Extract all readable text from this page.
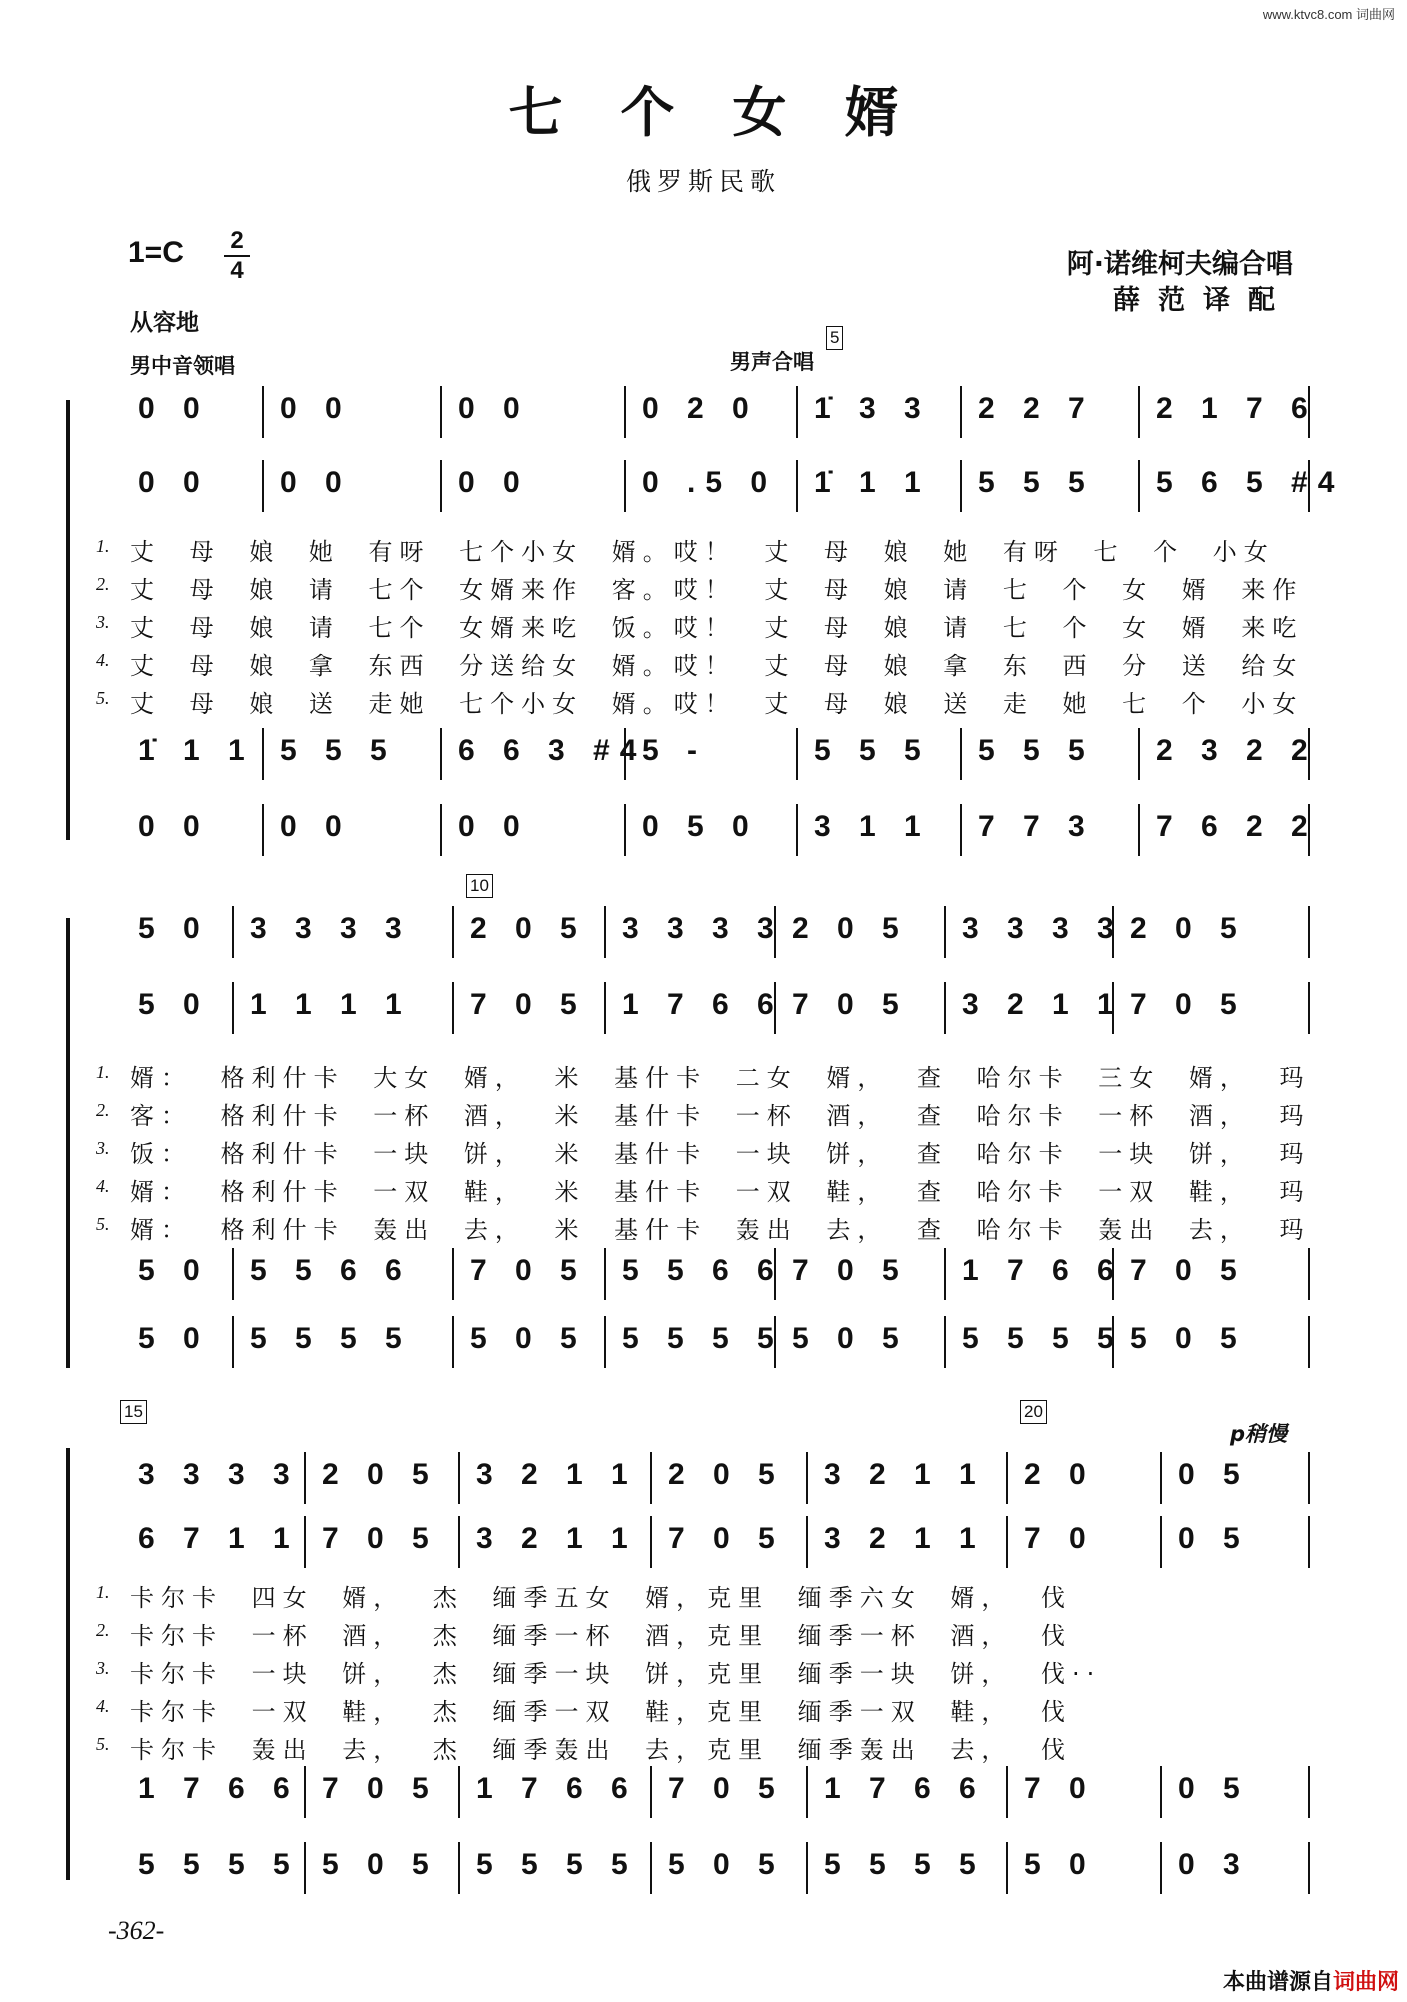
www.ktvc8.com 词曲网
七个女婿
俄罗斯民歌
1=C	2
4	阿·诺维柯夫编合唱
薛范译配
从容地
男中音领唱	男声合唱
5
10
15	20
p稍慢
0 0 0 0	0 0	0 2 0 1̇ 3 3 2 2 7 2 1 7 6
0 0 0 0	0 0	0 .5 0 1̇ 1 1 5 5 5 5 6 5 #4
1̇ 1 1 5 5 5 6 6 3 #4
5 -	5 5 5 5 5 5 2 3 2 2
0 0 0 0	0 0	0 5 0 3 1 1 7 7 3 7 6 2 2
1. 丈 母 娘 她 有呀 七个小女 婿。哎！ 丈 母 娘 她 有呀 七 个 小女
2. 丈 母 娘 请 七个 女婿来作 客。哎！ 丈 母 娘 请 七 个 女 婿 来作
3. 丈 母 娘 请 七个 女婿来吃 饭。哎！ 丈 母 娘 请 七 个 女 婿 来吃
4. 丈 母 娘 拿 东西 分送给女 婿。哎！ 丈 母 娘 拿 东 西 分 送 给女
5. 丈 母 娘 送 走她 七个小女 婿。哎！ 丈 母 娘 送 走 她 七 个 小女
5 0 3 3 3 3 2 0 5 3 3 3 3 2 0 5 3 3 3 3 2 0 5
5 0 1 1 1 1 7 0 5 1 7 6 6 7 0 5 3 2 1 1 7 0 5
5 0 5 5 6 6 7 0 5 5 5 6 6 7 0 5 1 7 6 6 7 0 5
5 0 5 5 5 5 5 0 5 5 5 5 5 5 0 5 5 5 5 5 5 0 5
1. 婿： 格利什卡 大女 婿， 米 基什卡 二女 婿， 查 哈尔卡 三女 婿， 玛
2. 客： 格利什卡 一杯 酒， 米 基什卡 一杯 酒， 查 哈尔卡 一杯 酒， 玛
3. 饭： 格利什卡 一块 饼， 米 基什卡 一块 饼， 查 哈尔卡 一块 饼， 玛
4. 婿： 格利什卡 一双 鞋， 米 基什卡 一双 鞋， 查 哈尔卡 一双 鞋， 玛
5. 婿： 格利什卡 轰出 去， 米 基什卡 轰出 去， 查 哈尔卡 轰出 去， 玛
3 3 3 3 2 0 5 3 2 1 1 2 0 5 3 2 1 1 2 0	0 5
6 7 1 1 7 0 5 3 2 1 1 7 0 5 3 2 1 1 7 0	0 5
1 7 6 6 7 0 5 1 7 6 6 7 0 5 1 7 6 6 7 0	0 5
5 5 5 5 5 0 5 5 5 5 5 5 0 5 5 5 5 5 5 0	0 3
1. 卡尔卡 四女 婿， 杰 缅季五女 婿，克里 缅季六女 婿， 伐
2. 卡尔卡 一杯 酒， 杰 缅季一杯 酒，克里 缅季一杯 酒， 伐
3. 卡尔卡 一块 饼， 杰 缅季一块 饼，克里 缅季一块 饼， 伐··
4. 卡尔卡 一双 鞋， 杰 缅季一双 鞋，克里 缅季一双 鞋， 伐
5. 卡尔卡 轰出 去， 杰 缅季轰出 去，克里 缅季轰出 去， 伐
-362-
本曲谱源自词曲网
